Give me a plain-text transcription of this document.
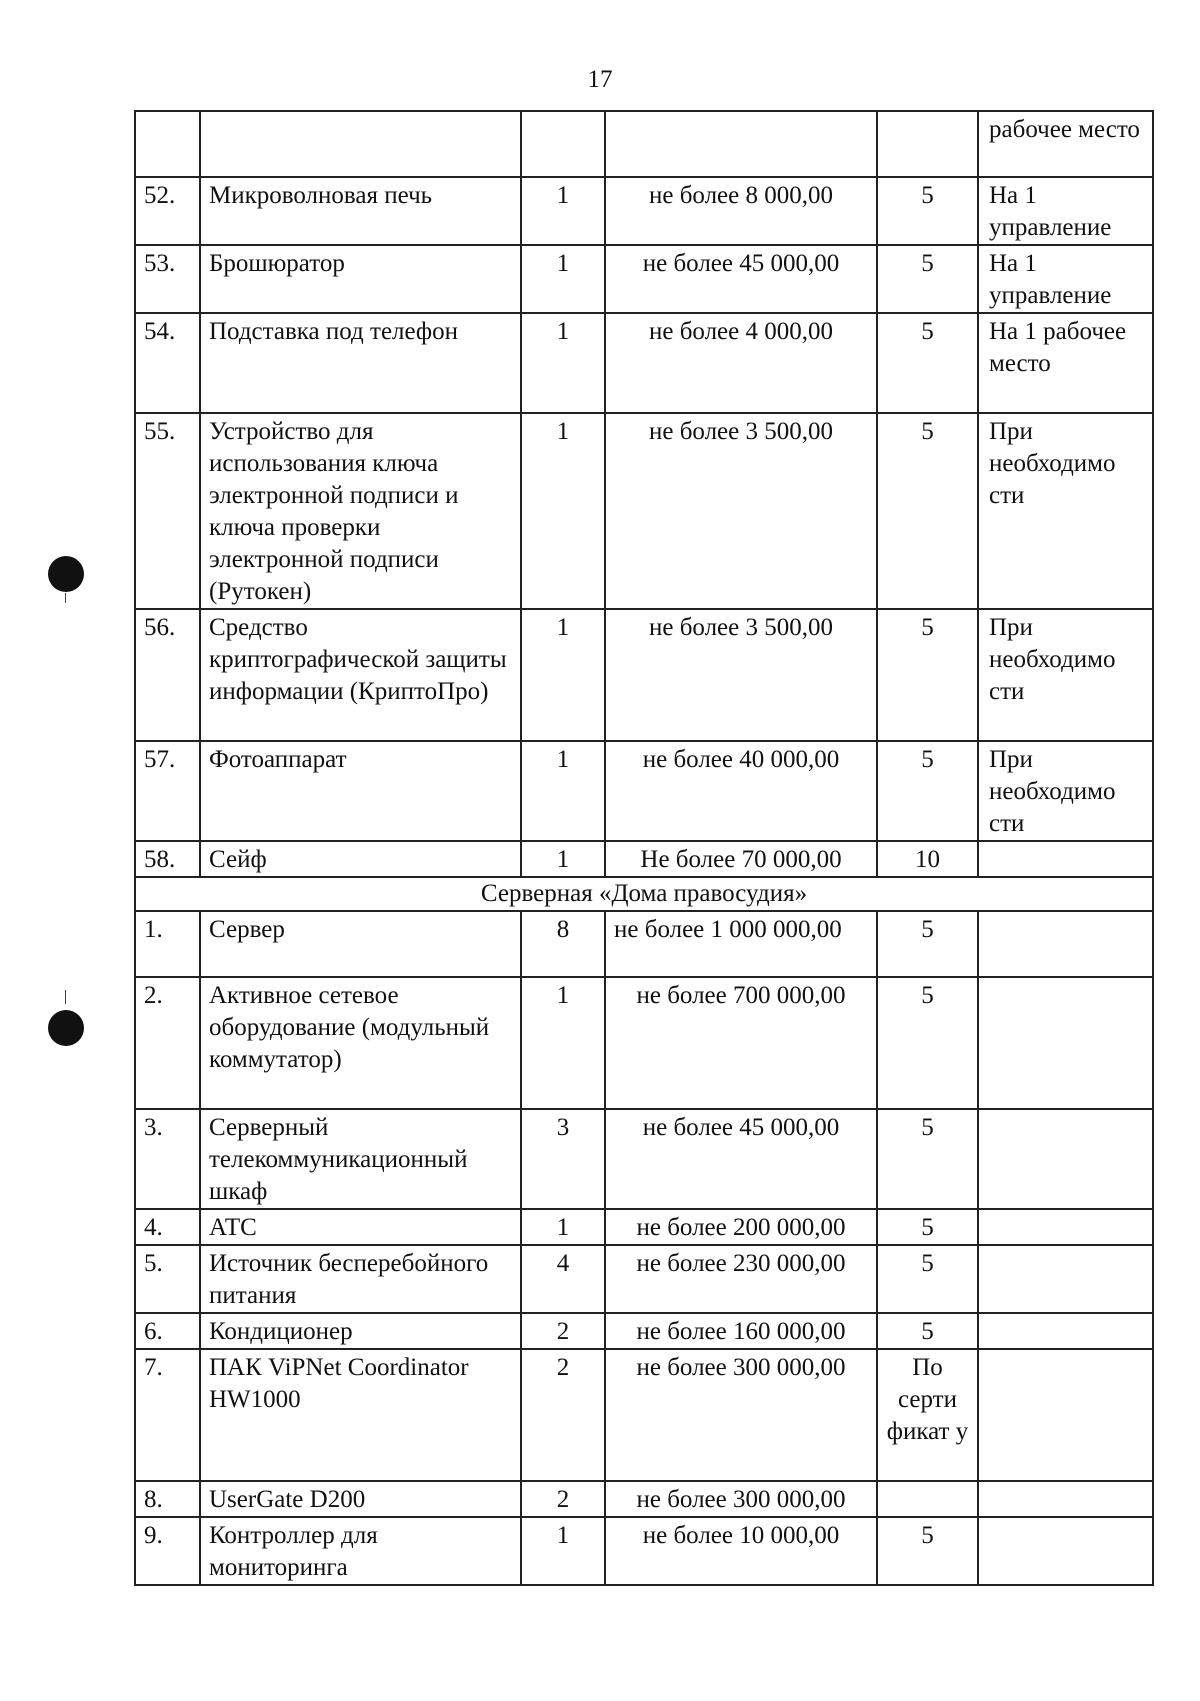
17
					рабочее место
52.	Микроволновая печь	1	не более 8 000,00	5	На 1 управление
53.	Брошюратор	1	не более 45 000,00	5	На 1 управление
54.	Подставка под телефон	1	не более 4 000,00	5	На 1 рабочее место
55.	Устройство для использования ключа электронной подписи и ключа проверки электронной подписи (Рутокен)	1	не более 3 500,00	5	При необходимо сти
56.	Средство криптографической защиты информации (КриптоПро)	1	не более 3 500,00	5	При необходимо сти
57.	Фотоаппарат	1	не более 40 000,00	5	При необходимо сти
58.	Сейф	1	Не более 70 000,00	10	
Серверная «Дома правосудия»					
1.	Сервер	8	не более 1 000 000,00	5	
2.	Активное сетевое оборудование (модульный коммутатор)	1	не более 700 000,00	5	
3.	Серверный телекоммуникационный шкаф	3	не более 45 000,00	5	
4.	АТС	1	не более 200 000,00	5	
5.	Источник бесперебойного питания	4	не более 230 000,00	5	
6.	Кондиционер	2	не более 160 000,00	5	
7.	ПАК ViPNet Coordinator HW1000	2	не более 300 000,00	По серти фикат у	
8.	UserGate D200	2	не более 300 000,00		
9.	Контроллер для мониторинга	1	не более 10 000,00	5	
